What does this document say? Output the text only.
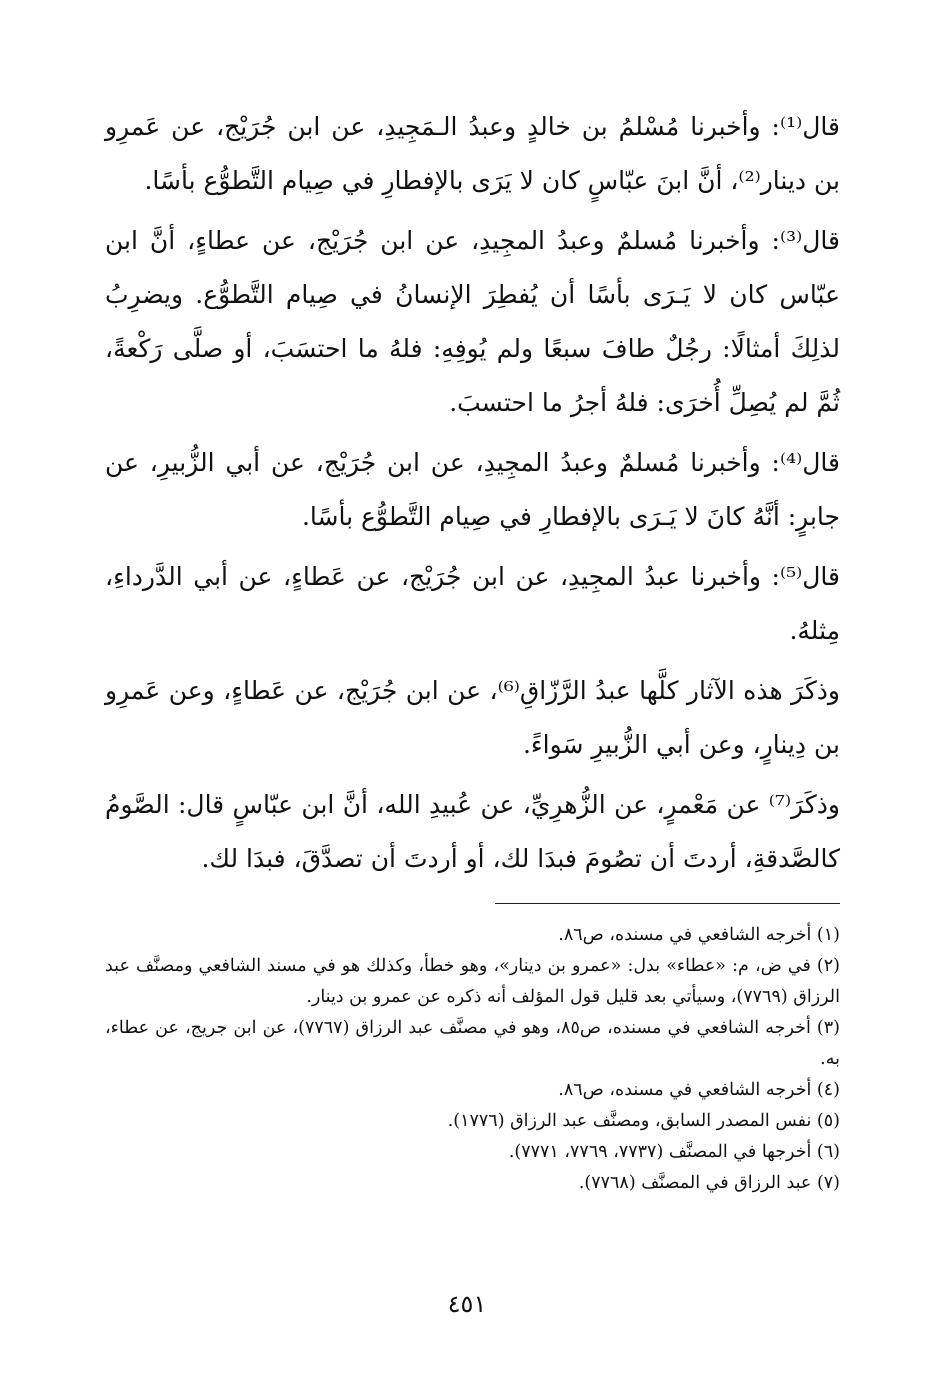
قال⁽¹⁾: وأخبرنا مُسْلمُ بن خالدٍ وعبدُ الـمَجِيدِ، عن ابن جُرَيْج، عن عَمرِو بن دينار⁽²⁾، أنَّ ابنَ عبّاسٍ كان لا يَرَى بالإفطارِ في صِيام التَّطوُّع بأسًا.

قال⁽³⁾: وأخبرنا مُسلمٌ وعبدُ المجِيدِ، عن ابن جُرَيْج، عن عطاءٍ، أنَّ ابن عبّاس كان لا يَـرَى بأسًا أن يُفطِرَ الإنسانُ في صِيام التَّطوُّع. ويضرِبُ لذلِكَ أمثالًا: رجُلٌ طافَ سبعًا ولم يُوفِهِ: فلهُ ما احتسَبَ، أو صلَّى رَكْعةً، ثُمَّ لم يُصِلِّ أُخرَى: فلهُ أجرُ ما احتسبَ.

قال⁽⁴⁾: وأخبرنا مُسلمٌ وعبدُ المجِيدِ، عن ابن جُرَيْج، عن أبي الزُّبيرِ، عن جابرٍ: أنَّهُ كانَ لا يَـرَى بالإفطارِ في صِيام التَّطوُّع بأسًا.

قال⁽⁵⁾: وأخبرنا عبدُ المجِيدِ، عن ابن جُرَيْج، عن عَطاءٍ، عن أبي الدَّرداءِ، مِثلهُ.

وذكَرَ هذه الآثار كلَّها عبدُ الرَّزّاقِ⁽⁶⁾، عن ابن جُرَيْج، عن عَطاءٍ، وعن عَمرِو بن دِينارٍ، وعن أبي الزُّبيرِ سَواءً.

وذكَرَ⁽⁷⁾ عن مَعْمرٍ، عن الزُّهرِيِّ، عن عُبيدِ الله، أنَّ ابن عبّاسٍ قال: الصَّومُ كالصَّدقةِ، أردتَ أن تصُومَ فبدَا لك، أو أردتَ أن تصدَّقَ، فبدَا لك.

(١) أخرجه الشافعي في مسنده، ص٨٦.

(٢) في ض، م: «عطاء» بدل: «عمرو بن دينار»، وهو خطأ، وكذلك هو في مسند الشافعي ومصنَّف عبد الرزاق (٧٧٦٩)، وسيأتي بعد قليل قول المؤلف أنه ذكره عن عمرو بن دينار.

(٣) أخرجه الشافعي في مسنده، ص٨٥، وهو في مصنَّف عبد الرزاق (٧٧٦٧)، عن ابن جريج، عن عطاء، به.

(٤) أخرجه الشافعي في مسنده، ص٨٦.

(٥) نفس المصدر السابق، ومصنَّف عبد الرزاق (١٧٧٦).

(٦) أخرجها في المصنَّف (٧٧٣٧، ٧٧٦٩، ٧٧٧١).

(٧) عبد الرزاق في المصنَّف (٧٧٦٨).

٤٥١
